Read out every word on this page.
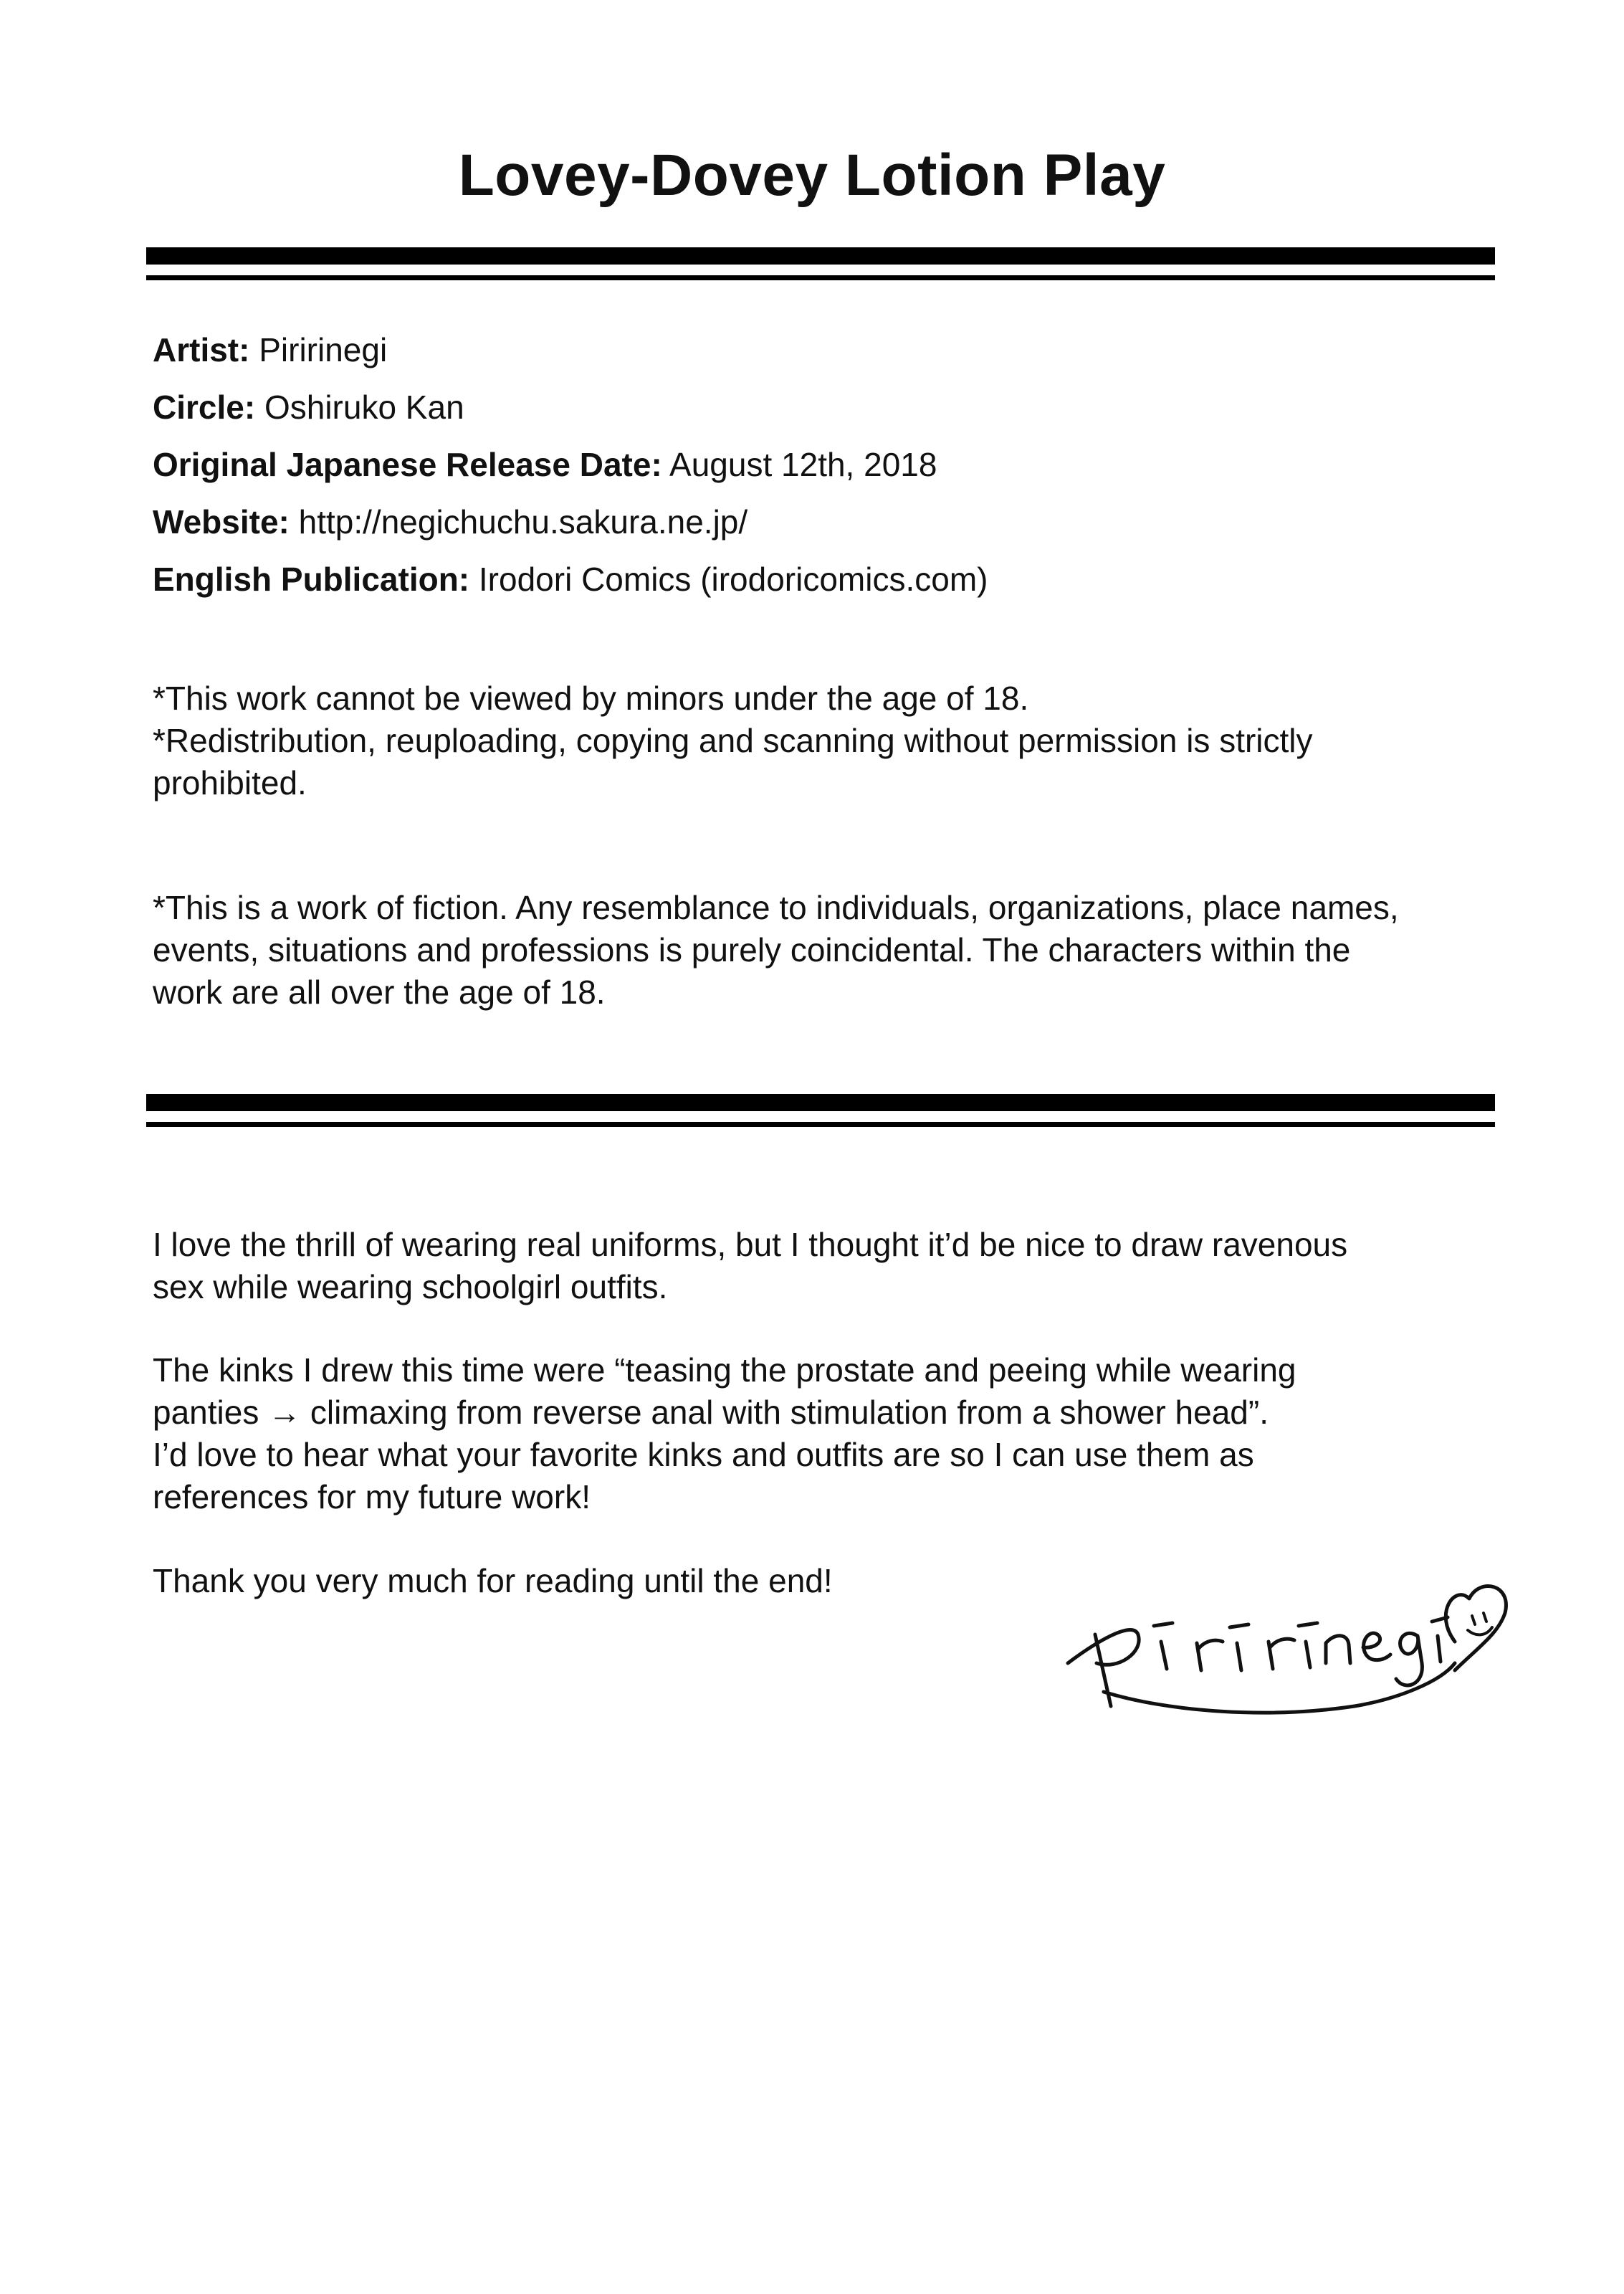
Lovey-Dovey Lotion Play
Artist: Piririnegi
Circle: Oshiruko Kan
Original Japanese Release Date: August 12th, 2018
Website: http://negichuchu.sakura.ne.jp/
English Publication: Irodori Comics (irodoricomics.com)
*This work cannot be viewed by minors under the age of 18.
*Redistribution, reuploading, copying and scanning without permission is strictly
prohibited.
*This is a work of fiction. Any resemblance to individuals, organizations, place names,
events, situations and professions is purely coincidental. The characters within the
work are all over the age of 18.
I love the thrill of wearing real uniforms, but I thought it’d be nice to draw ravenous
sex while wearing schoolgirl outfits.
The kinks I drew this time were “teasing the prostate and peeing while wearing
panties → climaxing from reverse anal with stimulation from a shower head”.
I’d love to hear what your favorite kinks and outfits are so I can use them as
references for my future work!
Thank you very much for reading until the end!
